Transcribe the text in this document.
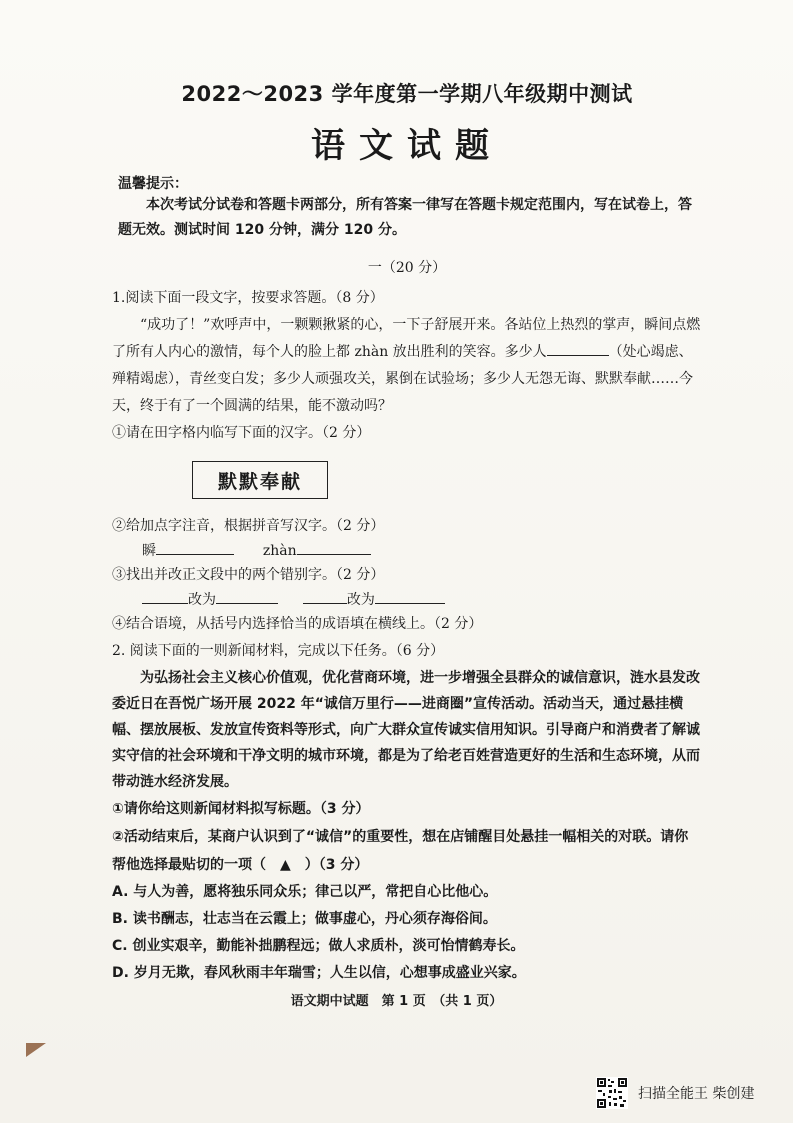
2022～2023 学年度第一学期八年级期中测试
语文试题

温馨提示：

本次考试分试卷和答题卡两部分，所有答案一律写在答题卡规定范围内，写在试卷上，答题无效。测试时间 120 分钟，满分 120 分。

一（20 分）

1.阅读下面一段文字，按要求答题。（8 分）

“成功了！”欢呼声中，一颗颗揪紧的心，一下子舒展开来。各站位上热烈的掌声，瞬间点燃了所有人内心的激情，每个人的脸上都 zhàn 放出胜利的笑容。多少人	（处心竭虑、殚精竭虑），青丝变白发；多少人顽强攻关，累倒在试验场；多少人无怨无诲、默默奉献……今天，终于有了一个圆满的结果，能不激动吗？

①请在田字格内临写下面的汉字。（2 分）

默默奉献

②给加点字注音，根据拼音写汉字。（2 分）

瞬	zhàn

③找出并改正文段中的两个错别字。（2 分）

改为	改为

④结合语境，从括号内选择恰当的成语填在横线上。（2 分）

2. 阅读下面的一则新闻材料，完成以下任务。（6 分）

为弘扬社会主义核心价值观，优化营商环境，进一步增强全县群众的诚信意识，涟水县发改委近日在吾悦广场开展 2022 年“诚信万里行——进商圈”宣传活动。活动当天，通过悬挂横幅、摆放展板、发放宣传资料等形式，向广大群众宣传诚实信用知识。引导商户和消费者了解诚实守信的社会环境和干净文明的城市环境，都是为了给老百姓营造更好的生活和生态环境，从而带动涟水经济发展。

①请你给这则新闻材料拟写标题。（3 分）

②活动结束后，某商户认识到了“诚信”的重要性，想在店铺醒目处悬挂一幅相关的对联。请你帮他选择最贴切的一项（　▲　）（3 分）

A. 与人为善，愿将独乐同众乐；律己以严，常把自心比他心。

B. 读书酬志，壮志当在云霞上；做事虚心，丹心须存海俗间。

C. 创业实艰辛，勤能补拙鹏程远；做人求质朴，淡可怡情鹤寿长。

D. 岁月无欺，春风秋雨丰年瑞雪；人生以信，心想事成盛业兴家。

语文期中试题　第 1 页　（共 1 页）
扫描全能王 柴创建
